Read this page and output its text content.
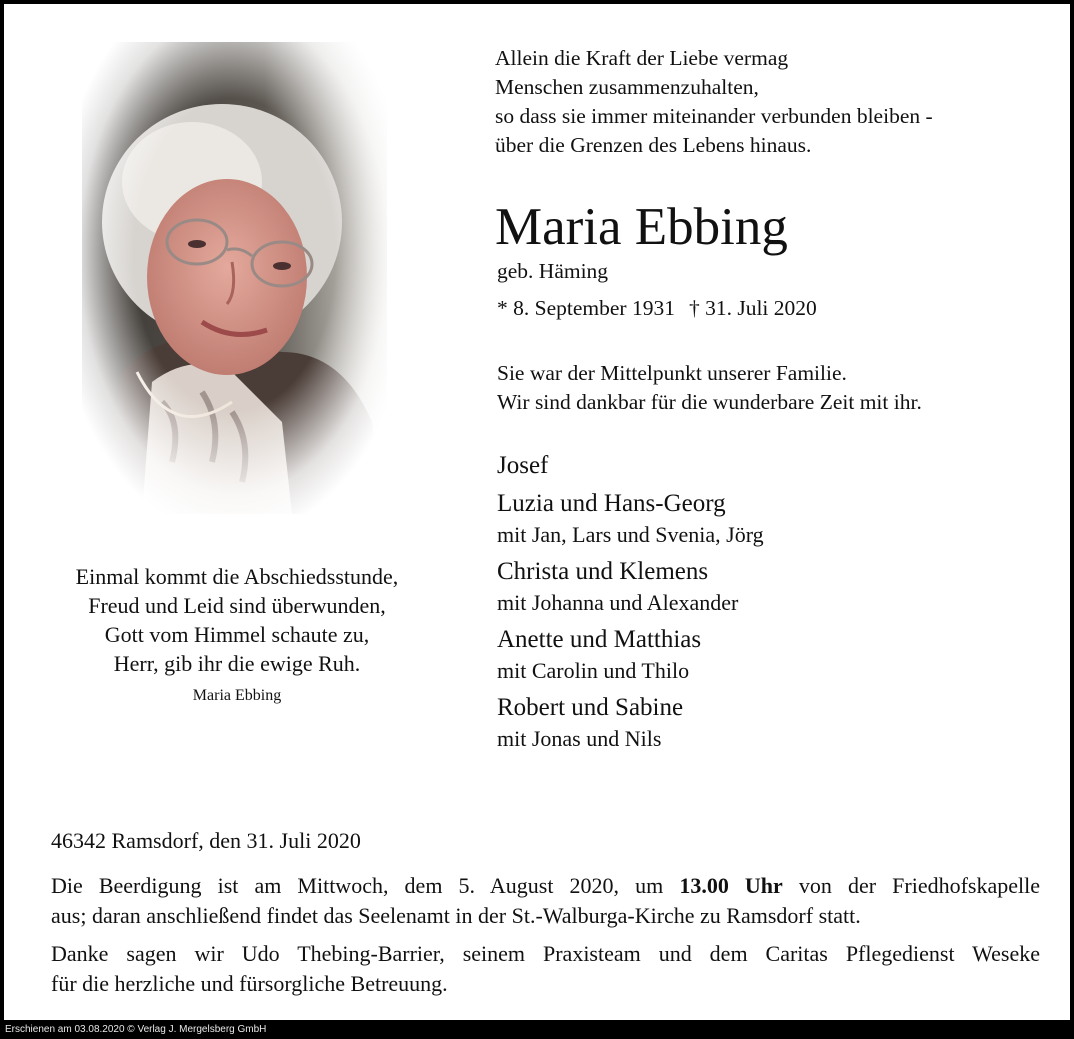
Einmal kommt die Abschiedsstunde,
Freud und Leid sind überwunden,
Gott vom Himmel schaute zu,
Herr, gib ihr die ewige Ruh.
Maria Ebbing
Allein die Kraft der Liebe vermag
Menschen zusammenzuhalten,
so dass sie immer miteinander verbunden bleiben -
über die Grenzen des Lebens hinaus.
Maria Ebbing
geb. Häming
* 8. September 1931 † 31. Juli 2020
Sie war der Mittelpunkt unserer Familie.
Wir sind dankbar für die wunderbare Zeit mit ihr.
Josef
Luzia und Hans-Georg
mit Jan, Lars und Svenia, Jörg
Christa und Klemens
mit Johanna und Alexander
Anette und Matthias
mit Carolin und Thilo
Robert und Sabine
mit Jonas und Nils
46342 Ramsdorf, den 31. Juli 2020
Die Beerdigung ist am Mittwoch, dem 5. August 2020, um 13.00 Uhr von der Friedhofskapelle
aus; daran anschließend findet das Seelenamt in der St.-Walburga-Kirche zu Ramsdorf statt.
Danke sagen wir Udo Thebing-Barrier, seinem Praxisteam und dem Caritas Pflegedienst Weseke
für die herzliche und fürsorgliche Betreuung.
Erschienen am 03.08.2020 © Verlag J. Mergelsberg GmbH
